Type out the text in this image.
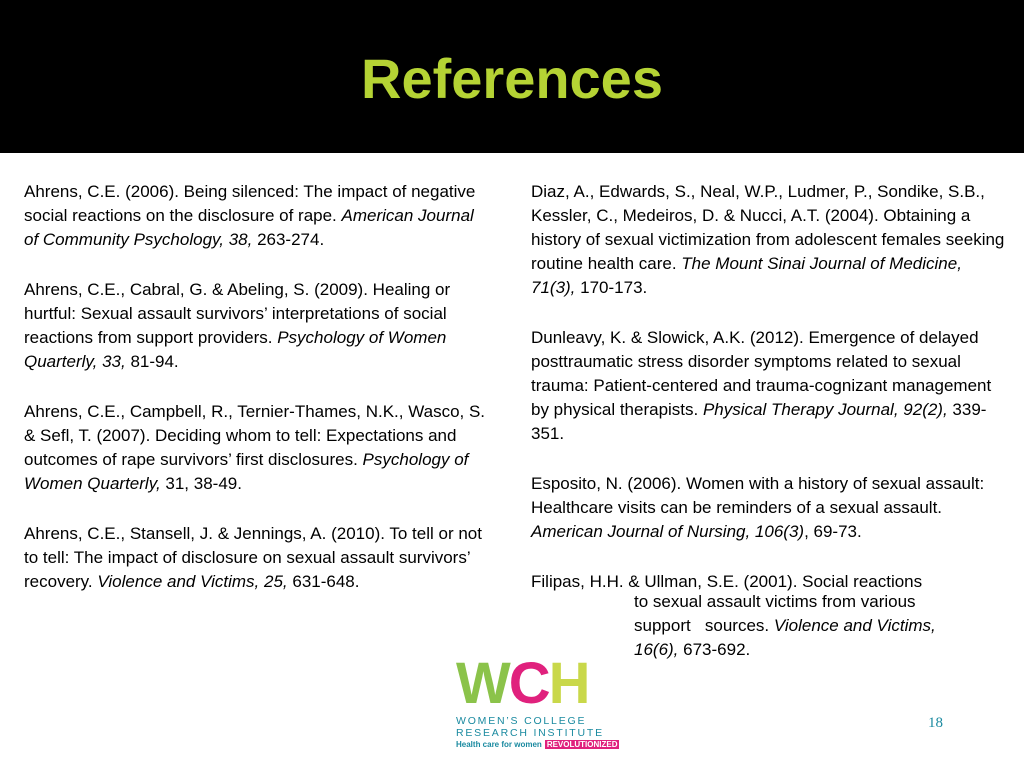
References
Ahrens, C.E. (2006). Being silenced: The impact of negative social reactions on the disclosure of rape. American Journal of Community Psychology, 38, 263-274.
Ahrens, C.E., Cabral, G. & Abeling, S. (2009). Healing or hurtful: Sexual assault survivors’ interpretations of social reactions from support providers. Psychology of Women Quarterly, 33, 81-94.
Ahrens, C.E., Campbell, R., Ternier-Thames, N.K., Wasco, S. & Sefl, T. (2007). Deciding whom to tell: Expectations and outcomes of rape survivors’ first disclosures. Psychology of Women Quarterly, 31, 38-49.
Ahrens, C.E., Stansell, J. & Jennings, A. (2010). To tell or not to tell: The impact of disclosure on sexual assault survivors’ recovery. Violence and Victims, 25, 631-648.
Diaz, A., Edwards, S., Neal, W.P., Ludmer, P., Sondike, S.B., Kessler, C., Medeiros, D. & Nucci, A.T. (2004). Obtaining a history of sexual victimization from adolescent females seeking routine health care. The Mount Sinai Journal of Medicine, 71(3), 170-173.
Dunleavy, K. & Slowick, A.K. (2012). Emergence of delayed posttraumatic stress disorder symptoms related to sexual trauma: Patient-centered and trauma-cognizant management by physical therapists. Physical Therapy Journal, 92(2), 339-351.
Esposito, N. (2006). Women with a history of sexual assault: Healthcare visits can be reminders of a sexual assault. American Journal of Nursing, 106(3), 69-73.
Filipas, H.H. & Ullman, S.E. (2001). Social reactions
to sexual assault victims from various
support   sources. Violence and Victims,
16(6), 673-692.
WCH
WOMEN’S COLLEGE
RESEARCH INSTITUTE
Health care for women REVOLUTIONIZED
18
